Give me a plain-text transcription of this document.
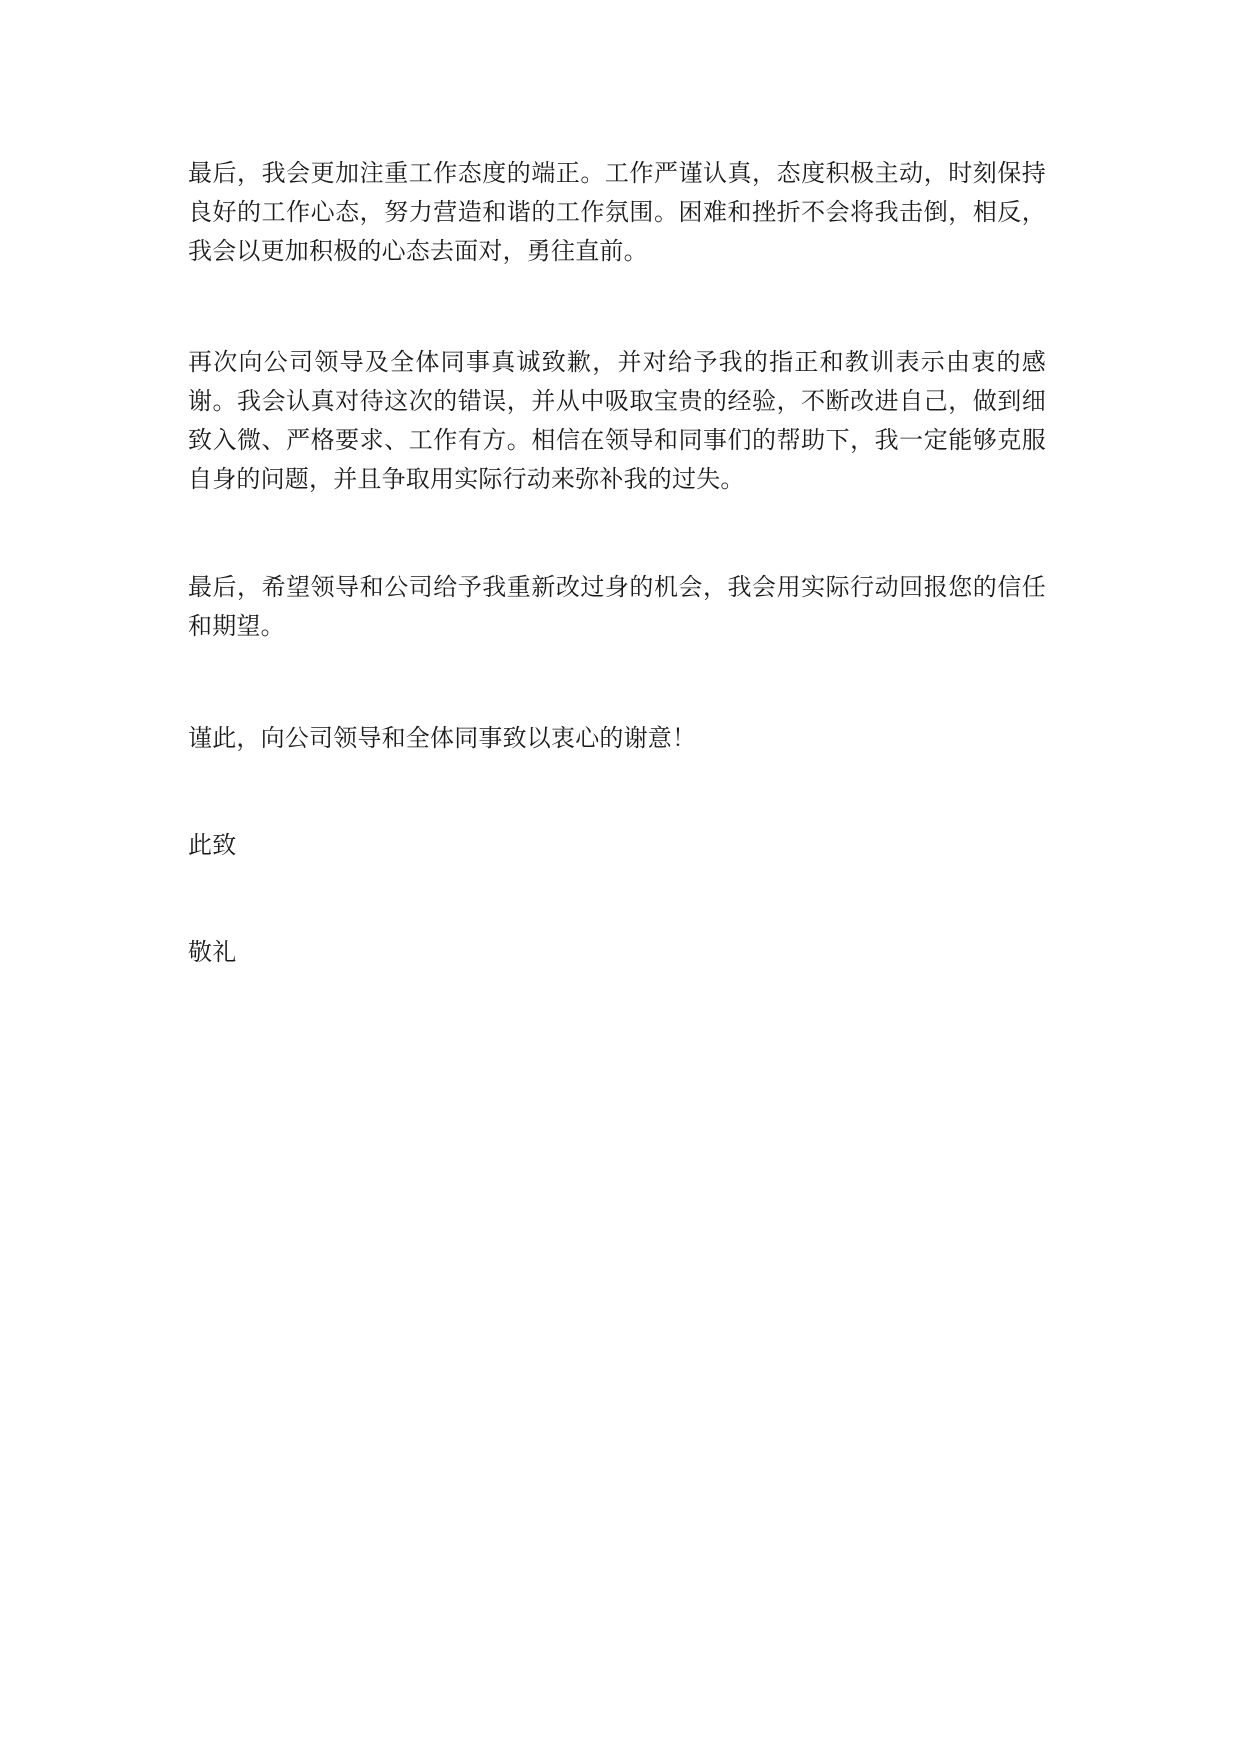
最后，我会更加注重工作态度的端正。工作严谨认真，态度积极主动，时刻保持良好的工作心态，努力营造和谐的工作氛围。困难和挫折不会将我击倒，相反，我会以更加积极的心态去面对，勇往直前。

再次向公司领导及全体同事真诚致歉，并对给予我的指正和教训表示由衷的感谢。我会认真对待这次的错误，并从中吸取宝贵的经验，不断改进自己，做到细致入微、严格要求、工作有方。相信在领导和同事们的帮助下，我一定能够克服自身的问题，并且争取用实际行动来弥补我的过失。

最后，希望领导和公司给予我重新改过身的机会，我会用实际行动回报您的信任和期望。

谨此，向公司领导和全体同事致以衷心的谢意！

此致

敬礼
